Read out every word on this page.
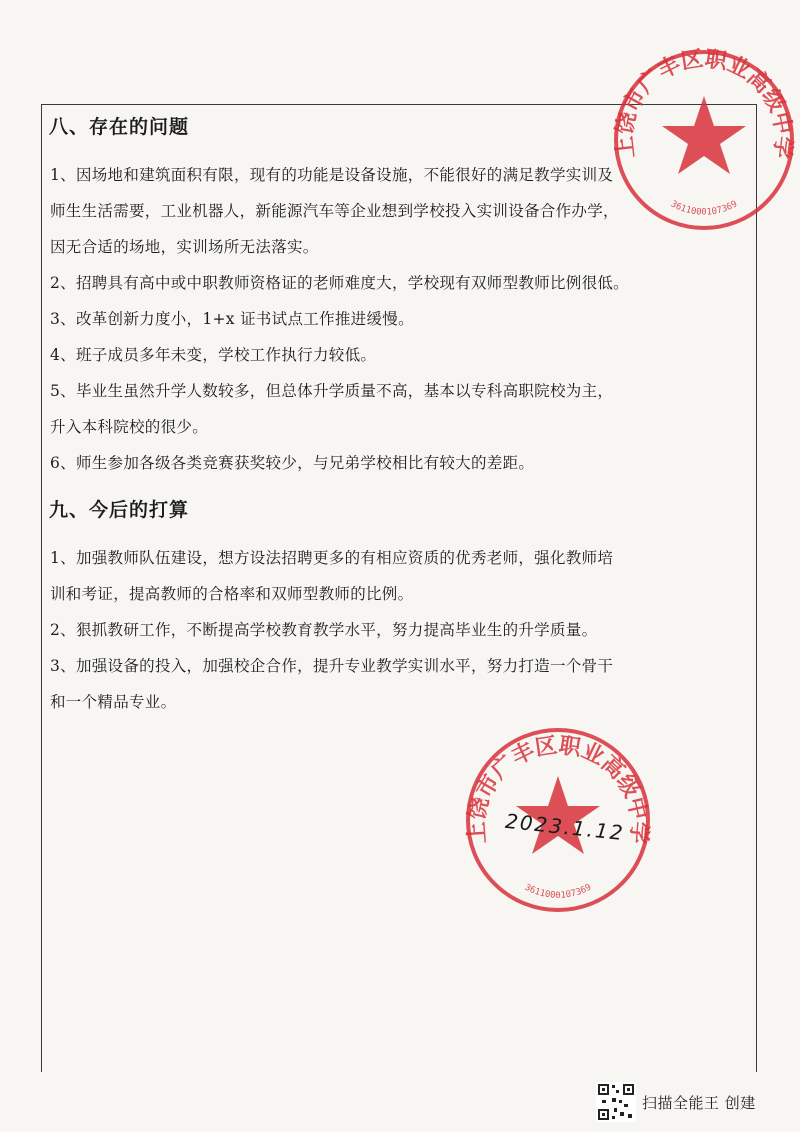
八、存在的问题

1、因场地和建筑面积有限，现有的功能是设备设施，不能很好的满足教学实训及

师生生活需要，工业机器人，新能源汽车等企业想到学校投入实训设备合作办学，

因无合适的场地，实训场所无法落实。

2、招聘具有高中或中职教师资格证的老师难度大，学校现有双师型教师比例很低。

3、改革创新力度小，1+x 证书试点工作推进缓慢。

4、班子成员多年未变，学校工作执行力较低。

5、毕业生虽然升学人数较多，但总体升学质量不高，基本以专科高职院校为主，

升入本科院校的很少。

6、师生参加各级各类竞赛获奖较少，与兄弟学校相比有较大的差距。

九、今后的打算

1、加强教师队伍建设，想方设法招聘更多的有相应资质的优秀老师，强化教师培

训和考证，提高教师的合格率和双师型教师的比例。

2、狠抓教研工作，不断提高学校教育教学水平，努力提高毕业生的升学质量。

3、加强设备的投入，加强校企合作，提升专业教学实训水平，努力打造一个骨干

和一个精品专业。

上饶市广丰区职业高级中学
3611000107369
上饶市广丰区职业高级中学
3611000107369
2023.1.12
扫描全能王 创建
